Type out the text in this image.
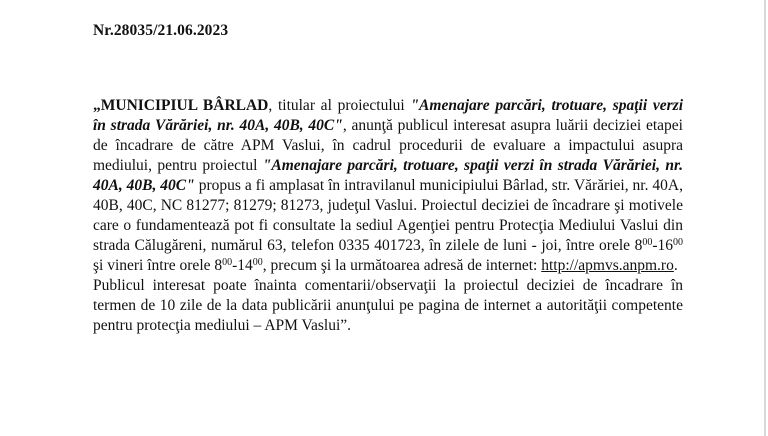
Nr.28035/21.06.2023

„MUNICIPIUL BÂRLAD, titular al proiectului "Amenajare parcări, trotuare, spaţii verzi în strada Vărăriei, nr. 40A, 40B, 40C", anunţă publicul interesat asupra luării deciziei etapei de încadrare de către APM Vaslui, în cadrul procedurii de evaluare a impactului asupra mediului, pentru proiectul "Amenajare parcări, trotuare, spaţii verzi în strada Vărăriei, nr. 40A, 40B, 40C" propus a fi amplasat în intravilanul municipiului Bârlad, str. Vărăriei, nr. 40A, 40B, 40C, NC 81277; 81279; 81273, judeţul Vaslui. Proiectul deciziei de încadrare şi motivele care o fundamentează pot fi consultate la sediul Agenţiei pentru Protecţia Mediului Vaslui din strada Călugăreni, numărul 63, telefon 0335 401723, în zilele de luni - joi, între orele $8^{00}-16^{00}$ şi vineri între orele $8^{00}-14^{00}$, precum şi la următoarea adresă de internet: http://apmvs.anpm.ro.

Publicul interesat poate înainta comentarii/observaţii la proiectul deciziei de încadrare în termen de 10 zile de la data publicării anunţului pe pagina de internet a autorităţii competente pentru protecţia mediului – APM Vaslui”.
